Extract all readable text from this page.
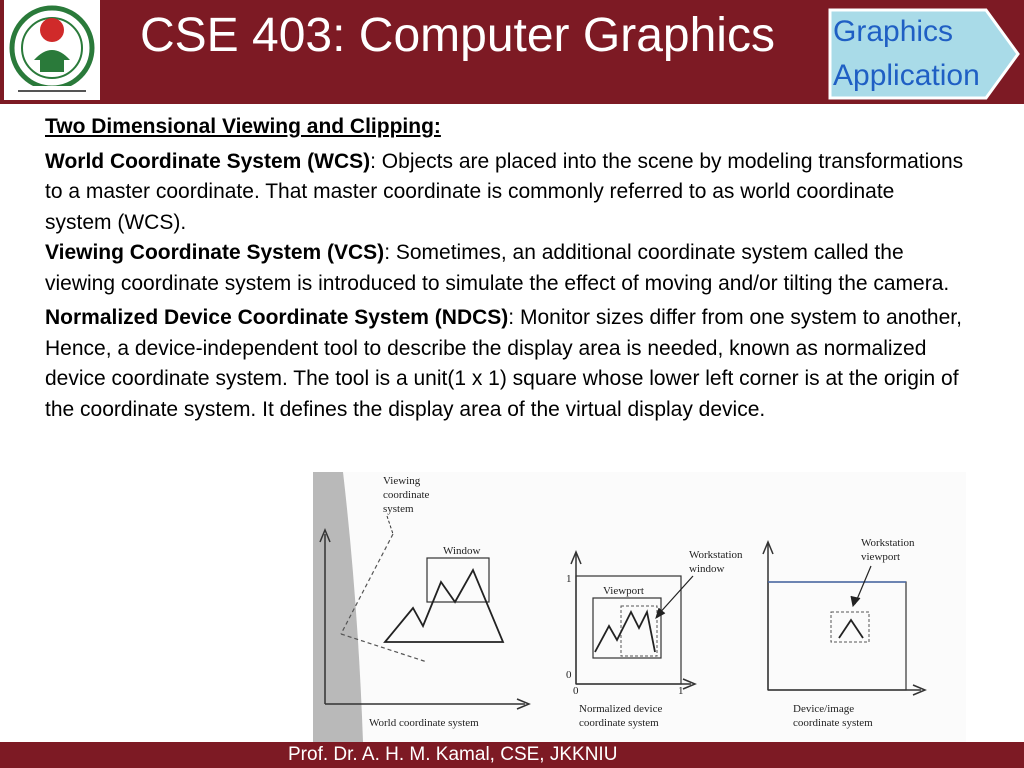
CSE 403: Computer Graphics Graphics
Application
Two Dimensional Viewing and Clipping:

World Coordinate System (WCS): Objects are placed into the scene by modeling transformations to a master coordinate. That master coordinate is commonly referred to as world coordinate system (WCS).

Viewing Coordinate System (VCS): Sometimes, an additional coordinate system called the viewing coordinate system is introduced to simulate the effect of moving and/or tilting the camera.

Normalized Device Coordinate System (NDCS): Monitor sizes differ from one system to another, Hence, a device-independent tool to describe the display area is needed, known as normalized device coordinate system. The tool is a unit(1 x 1) square whose lower left corner is at the origin of the coordinate system. It defines the display area of the virtual display device.

Viewing
coordinate
system
Window
World coordinate system
1
0
0	1
Viewport
Workstation
window
Normalized device
coordinate system
Workstation
viewport
Device/image
coordinate system
Prof. Dr. A. H. M. Kamal, CSE, JKKNIU
